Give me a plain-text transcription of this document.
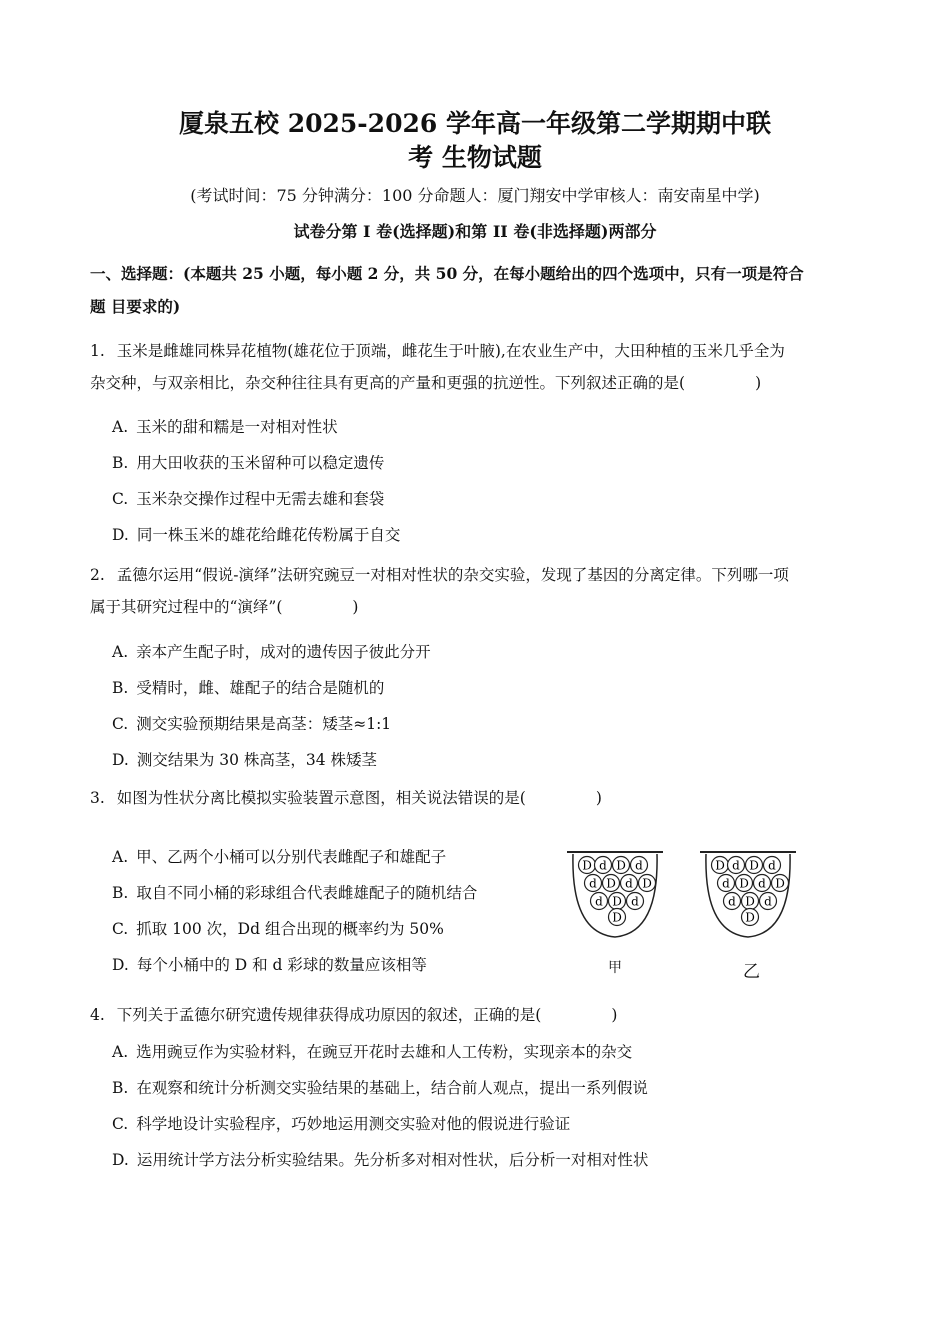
厦泉五校 2025-2026 学年高一年级第二学期期中联
考 生物试题
(考试时间：75 分钟满分：100 分命题人：厦门翔安中学审核人：南安南星中学)
试卷分第 I 卷(选择题)和第 II 卷(非选择题)两部分
一、选择题：(本题共 25 小题，每小题 2 分，共 50 分，在每小题给出的四个选项中，只有一项是符合
题 目要求的)
1. 玉米是雌雄同株异花植物(雄花位于顶端，雌花生于叶腋),在农业生产中，大田种植的玉米几乎全为
杂交种，与双亲相比，杂交种往往具有更高的产量和更强的抗逆性。下列叙述正确的是(	)
A. 玉米的甜和糯是一对相对性状
B. 用大田收获的玉米留种可以稳定遗传
C. 玉米杂交操作过程中无需去雄和套袋
D. 同一株玉米的雄花给雌花传粉属于自交
2. 孟德尔运用“假说-演绎”法研究豌豆一对相对性状的杂交实验，发现了基因的分离定律。下列哪一项
属于其研究过程中的“演绎”(	)
A. 亲本产生配子时，成对的遗传因子彼此分开
B. 受精时，雌、雄配子的结合是随机的
C. 测交实验预期结果是高茎：矮茎≈1:1
D. 测交结果为 30 株高茎，34 株矮茎
3. 如图为性状分离比模拟实验装置示意图，相关说法错误的是(	)
A. 甲、乙两个小桶可以分别代表雌配子和雄配子
B. 取自不同小桶的彩球组合代表雌雄配子的随机结合
C. 抓取 100 次，Dd 组合出现的概率约为 50%
D. 每个小桶中的 D 和 d 彩球的数量应该相等
D d D d
d D d D
d D d
D
D d D d
d D d D
d D d
D
甲	乙
4. 下列关于孟德尔研究遗传规律获得成功原因的叙述，正确的是(	)
A. 选用豌豆作为实验材料，在豌豆开花时去雄和人工传粉，实现亲本的杂交
B. 在观察和统计分析测交实验结果的基础上，结合前人观点，提出一系列假说
C. 科学地设计实验程序，巧妙地运用测交实验对他的假说进行验证
D. 运用统计学方法分析实验结果。先分析多对相对性状，后分析一对相对性状
